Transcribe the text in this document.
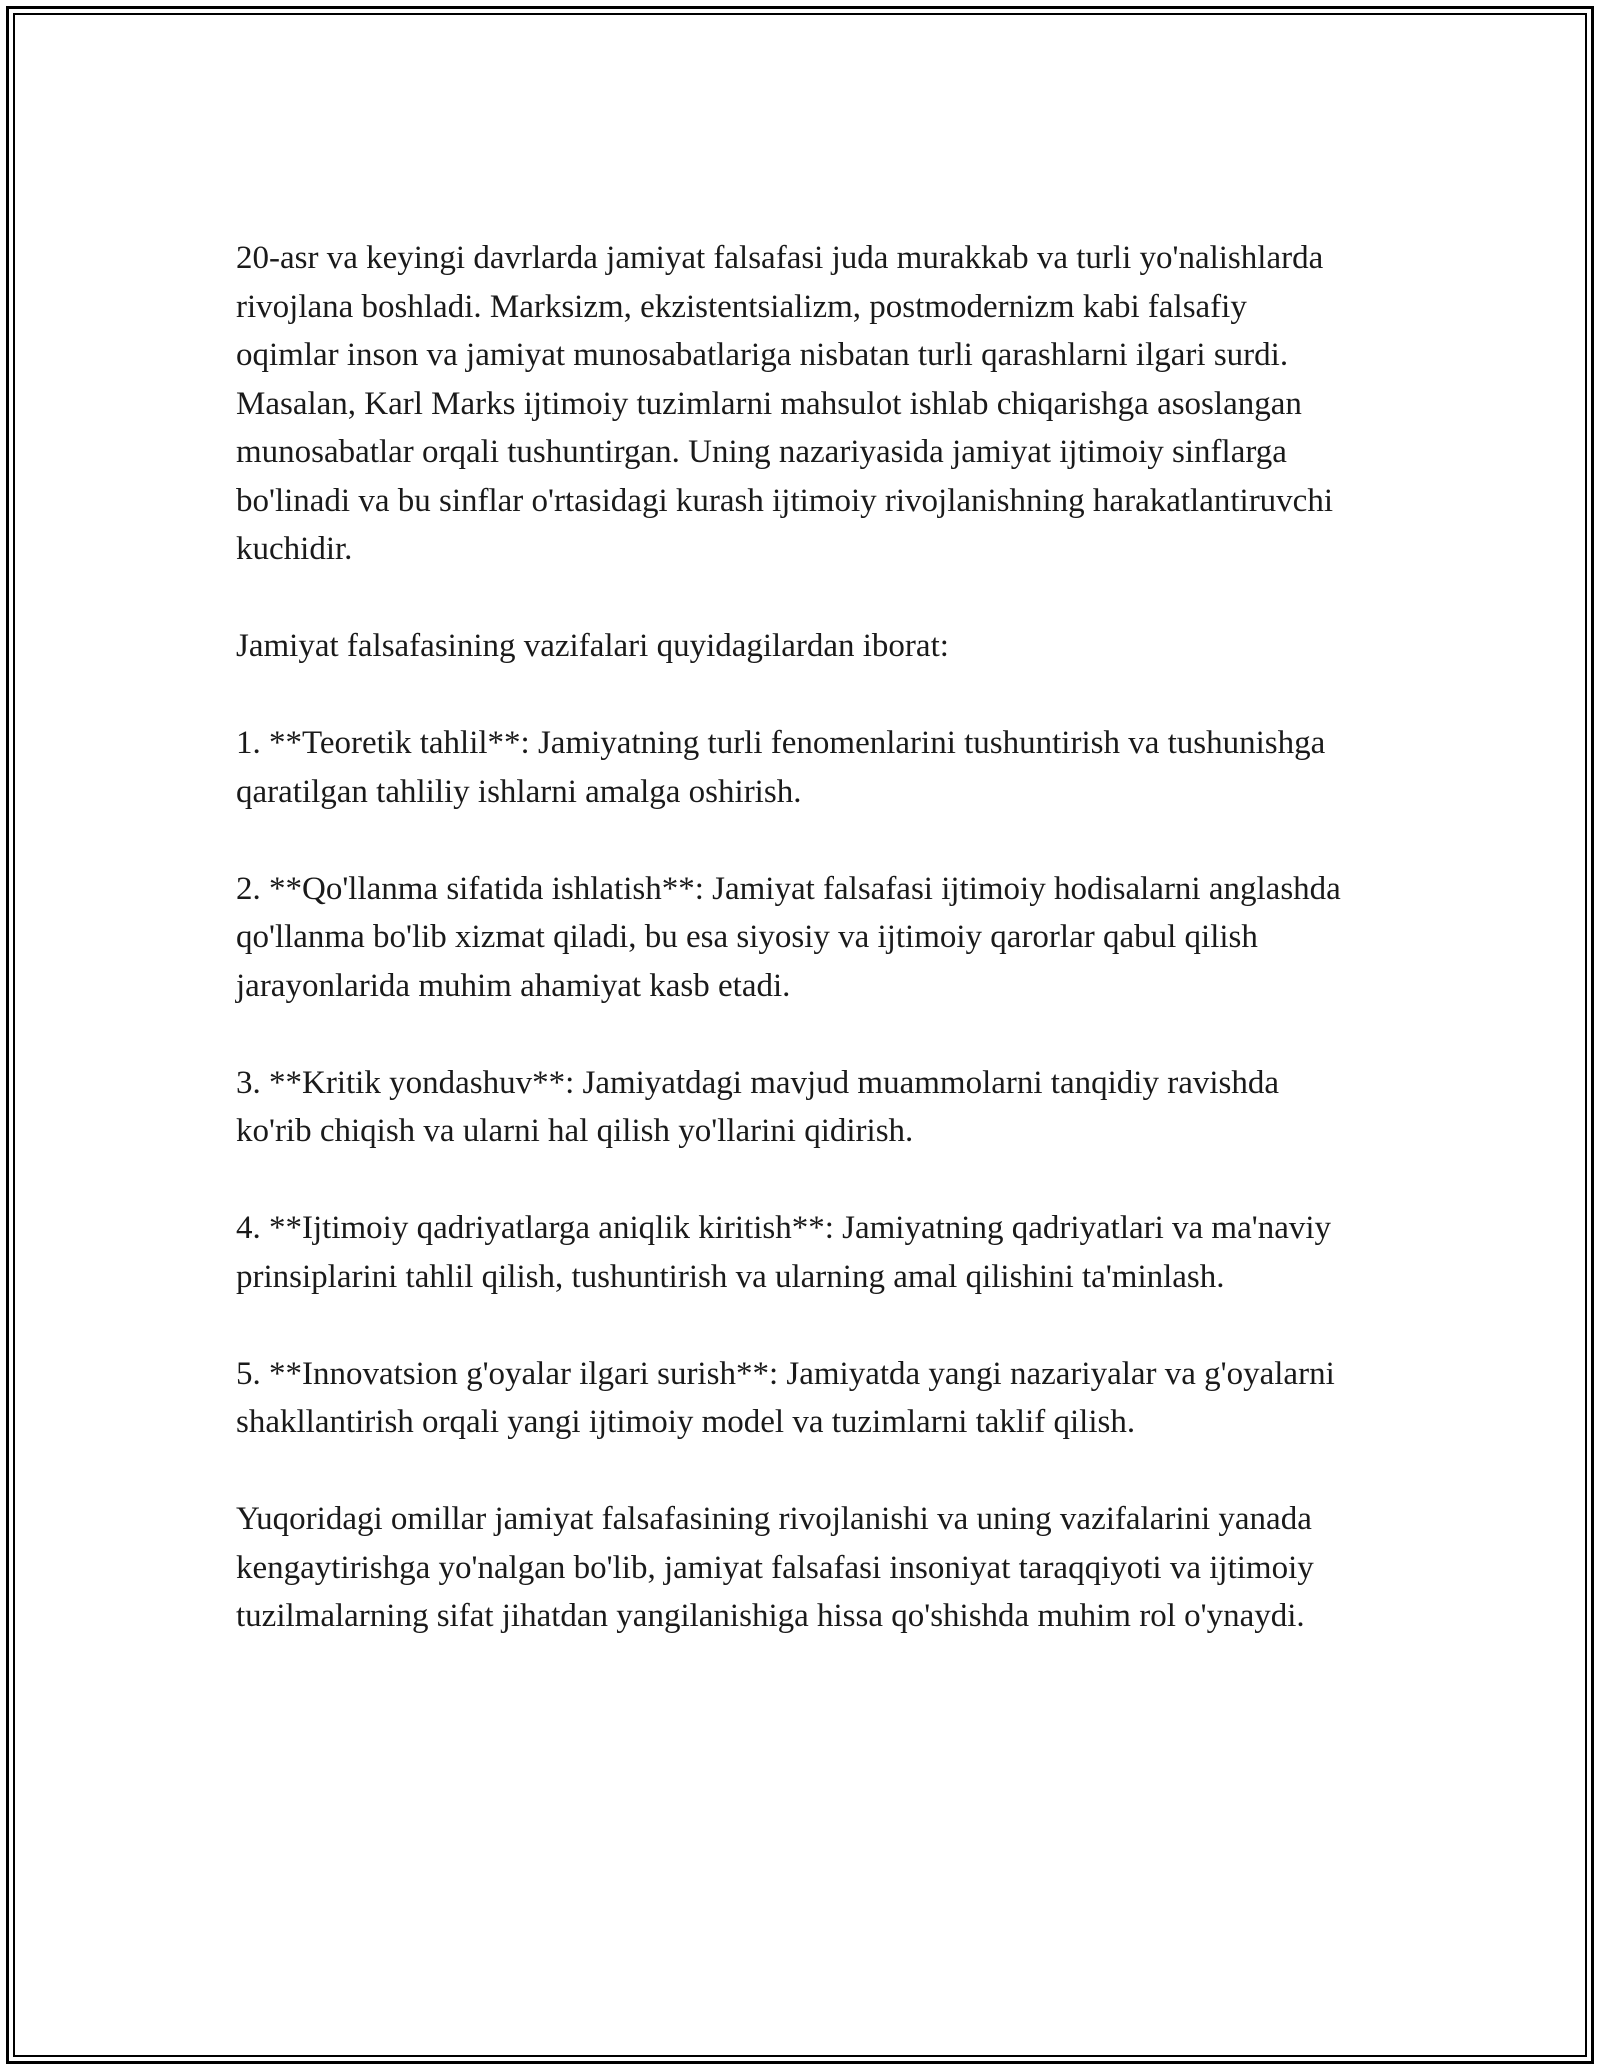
20-asr va keyingi davrlarda jamiyat falsafasi juda murakkab va turli yo'nalishlarda rivojlana boshladi. Marksizm, ekzistentsializm, postmodernizm kabi falsafiy oqimlar inson va jamiyat munosabatlariga nisbatan turli qarashlarni ilgari surdi. Masalan, Karl Marks ijtimoiy tuzimlarni mahsulot ishlab chiqarishga asoslangan munosabatlar orqali tushuntirgan. Uning nazariyasida jamiyat ijtimoiy sinflarga bo'linadi va bu sinflar o'rtasidagi kurash ijtimoiy rivojlanishning harakatlantiruvchi kuchidir.

Jamiyat falsafasining vazifalari quyidagilardan iborat:

1. **Teoretik tahlil**: Jamiyatning turli fenomenlarini tushuntirish va tushunishga qaratilgan tahliliy ishlarni amalga oshirish.

2. **Qo'llanma sifatida ishlatish**: Jamiyat falsafasi ijtimoiy hodisalarni anglashda qo'llanma bo'lib xizmat qiladi, bu esa siyosiy va ijtimoiy qarorlar qabul qilish jarayonlarida muhim ahamiyat kasb etadi.

3. **Kritik yondashuv**: Jamiyatdagi mavjud muammolarni tanqidiy ravishda ko'rib chiqish va ularni hal qilish yo'llarini qidirish.

4. **Ijtimoiy qadriyatlarga aniqlik kiritish**: Jamiyatning qadriyatlari va ma'naviy prinsiplarini tahlil qilish, tushuntirish va ularning amal qilishini ta'minlash.

5. **Innovatsion g'oyalar ilgari surish**: Jamiyatda yangi nazariyalar va g'oyalarni shakllantirish orqali yangi ijtimoiy model va tuzimlarni taklif qilish.

Yuqoridagi omillar jamiyat falsafasining rivojlanishi va uning vazifalarini yanada kengaytirishga yo'nalgan bo'lib, jamiyat falsafasi insoniyat taraqqiyoti va ijtimoiy tuzilmalarning sifat jihatdan yangilanishiga hissa qo'shishda muhim rol o'ynaydi.
